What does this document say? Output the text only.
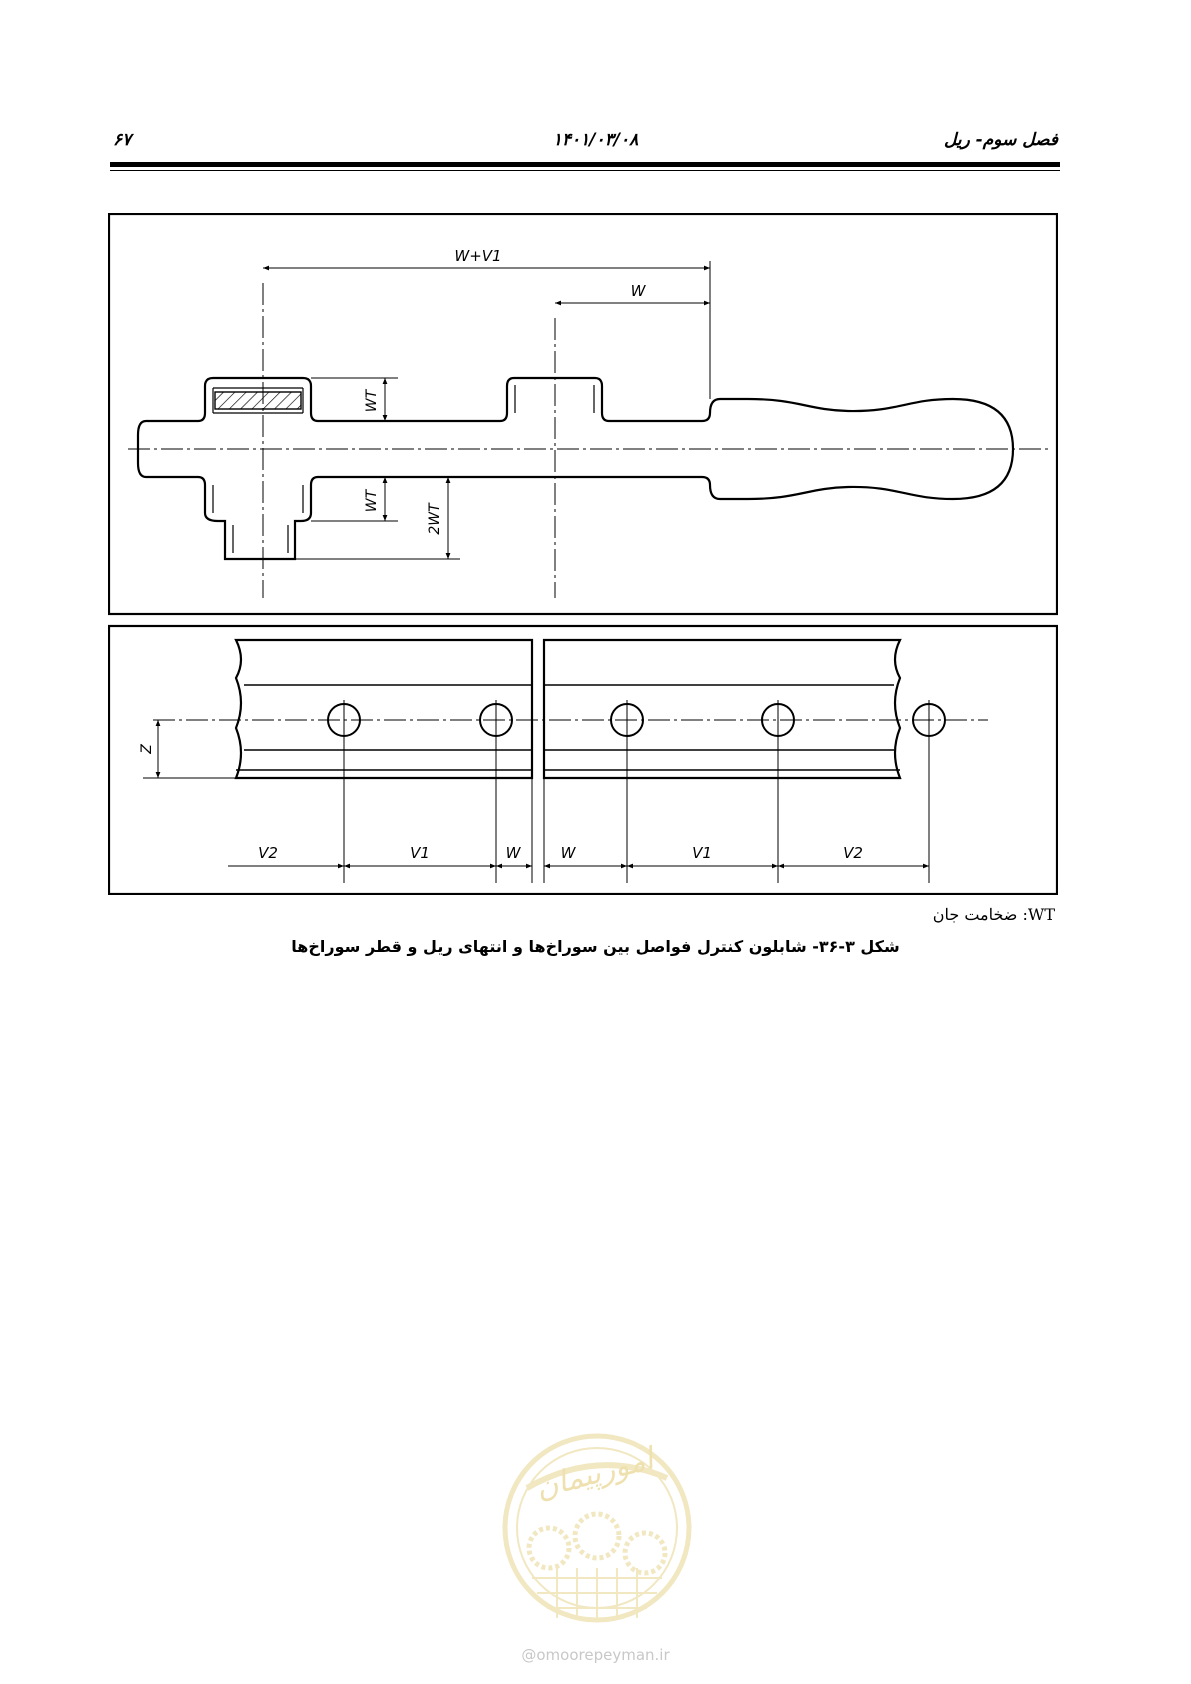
فصل سوم- ریل
۱۴۰۱/۰۳/۰۸
۶۷
W+V1
W
WT
WT
2WT
Z
V2	V1	W	W	V1	V2
WT: ضخامت جان
شکل ۳-۳۶- شابلون کنترل فواصل بین سوراخ‌ها و انتهای ریل و قطر سوراخ‌ها
امورپیمان
@omoorepeyman.ir
